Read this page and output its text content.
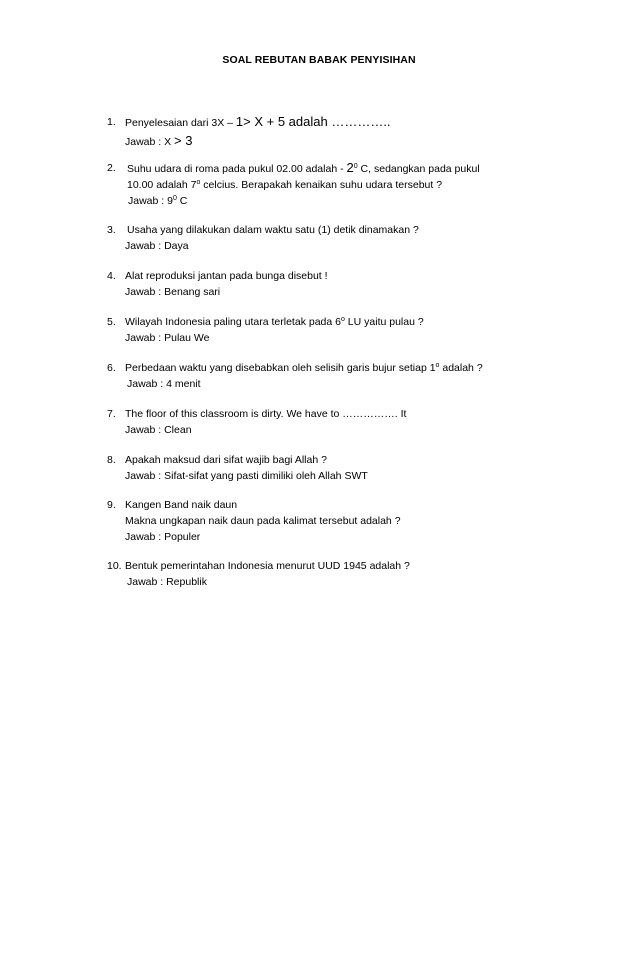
SOAL REBUTAN BABAK PENYISIHAN
1. Penyelesaian dari 3X – 1> X + 5 adalah …………..
Jawab : X > 3
2.	Suhu udara di roma pada pukul 02.00 adalah - $2^0$ C, sedangkan pada pukul
10.00 adalah 7$^o$ celcius. Berapakah kenaikan suhu udara tersebut ?
Jawab : $9^0$ C
3.	Usaha yang dilakukan dalam waktu satu (1) detik dinamakan ?
Jawab : Daya
4. Alat reproduksi jantan pada bunga disebut !
Jawab : Benang sari
5. Wilayah Indonesia paling utara terletak pada 6$^o$ LU yaitu pulau ?
Jawab : Pulau We
6. Perbedaan waktu yang disebabkan oleh selisih garis bujur setiap 1$^o$ adalah ?
Jawab : 4 menit
7. The floor of this classroom is dirty. We have to ……………. It
Jawab : Clean
8. Apakah maksud dari sifat wajib bagi Allah ?
Jawab : Sifat-sifat yang pasti dimiliki oleh Allah SWT
9. Kangen Band naik daun
Makna ungkapan naik daun pada kalimat tersebut adalah ?
Jawab : Populer
10. Bentuk pemerintahan Indonesia menurut UUD 1945 adalah ?
Jawab : Republik
